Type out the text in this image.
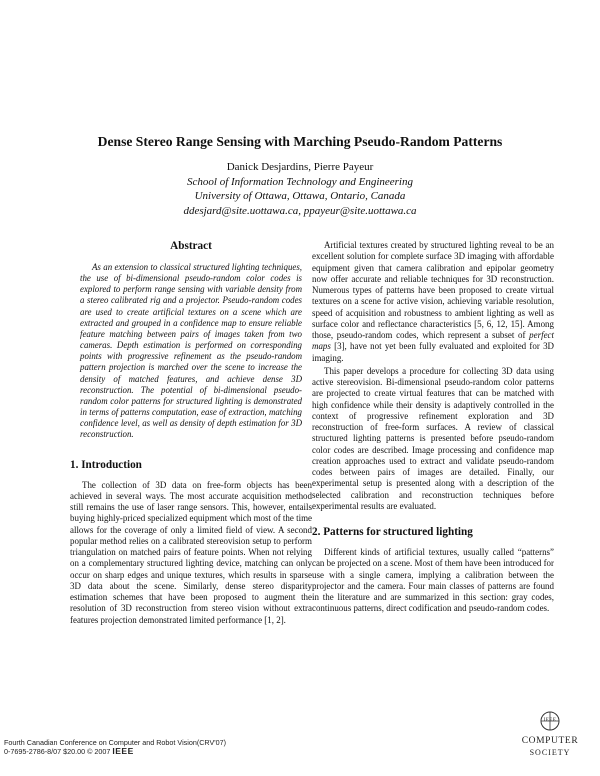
Dense Stereo Range Sensing with Marching Pseudo-Random Patterns
Danick Desjardins, Pierre Payeur
School of Information Technology and Engineering
University of Ottawa, Ottawa, Ontario, Canada
ddesjard@site.uottawa.ca, ppayeur@site.uottawa.ca
Abstract

As an extension to classical structured lighting techniques, the use of bi-dimensional pseudo-random color codes is explored to perform range sensing with variable density from a stereo calibrated rig and a projector. Pseudo-random codes are used to create artificial textures on a scene which are extracted and grouped in a confidence map to ensure reliable feature matching between pairs of images taken from two cameras. Depth estimation is performed on corresponding points with progressive refinement as the pseudo-random pattern projection is marched over the scene to increase the density of matched features, and achieve dense 3D reconstruction. The potential of bi-dimensional pseudo-random color patterns for structured lighting is demonstrated in terms of patterns computation, ease of extraction, matching confidence level, as well as density of depth estimation for 3D reconstruction.

1. Introduction

The collection of 3D data on free-form objects has been achieved in several ways. The most accurate acquisition method still remains the use of laser range sensors. This, however, entails buying highly-priced specialized equipment which most of the time allows for the coverage of only a limited field of view. A second popular method relies on a calibrated stereovision setup to perform triangulation on matched pairs of feature points. When not relying on a complementary structured lighting device, matching can only occur on sharp edges and unique textures, which results in sparse 3D data about the scene. Similarly, dense stereo disparity estimation schemes that have been proposed to augment the resolution of 3D reconstruction from stereo vision without extra features projection demonstrated limited performance [1, 2].

Artificial textures created by structured lighting reveal to be an excellent solution for complete surface 3D imaging with affordable equipment given that camera calibration and epipolar geometry now offer accurate and reliable techniques for 3D reconstruction. Numerous types of patterns have been proposed to create virtual textures on a scene for active vision, achieving variable resolution, speed of acquisition and robustness to ambient lighting as well as surface color and reflectance characteristics [5, 6, 12, 15]. Among those, pseudo-random codes, which represent a subset of perfect maps [3], have not yet been fully evaluated and exploited for 3D imaging.

This paper develops a procedure for collecting 3D data using active stereovision. Bi-dimensional pseudo-random color patterns are projected to create virtual features that can be matched with high confidence while their density is adaptively controlled in the context of progressive refinement exploration and 3D reconstruction of free-form surfaces. A review of classical structured lighting patterns is presented before pseudo-random color codes are described. Image processing and confidence map creation approaches used to extract and validate pseudo-random codes between pairs of images are detailed. Finally, our experimental setup is presented along with a description of the selected calibration and reconstruction techniques before experimental results are evaluated.

2. Patterns for structured lighting

Different kinds of artificial textures, usually called “patterns” can be projected on a scene. Most of them have been introduced for use with a single camera, implying a calibration between the projector and the camera. Four main classes of patterns are found in the literature and are summarized in this section: gray codes, continuous patterns, direct codification and pseudo-random codes.

Fourth Canadian Conference on Computer and Robot Vision(CRV'07)
0-7695-2786-8/07 $20.00 © 2007 IEEE
IEEE
COMPUTER
SOCIETY
